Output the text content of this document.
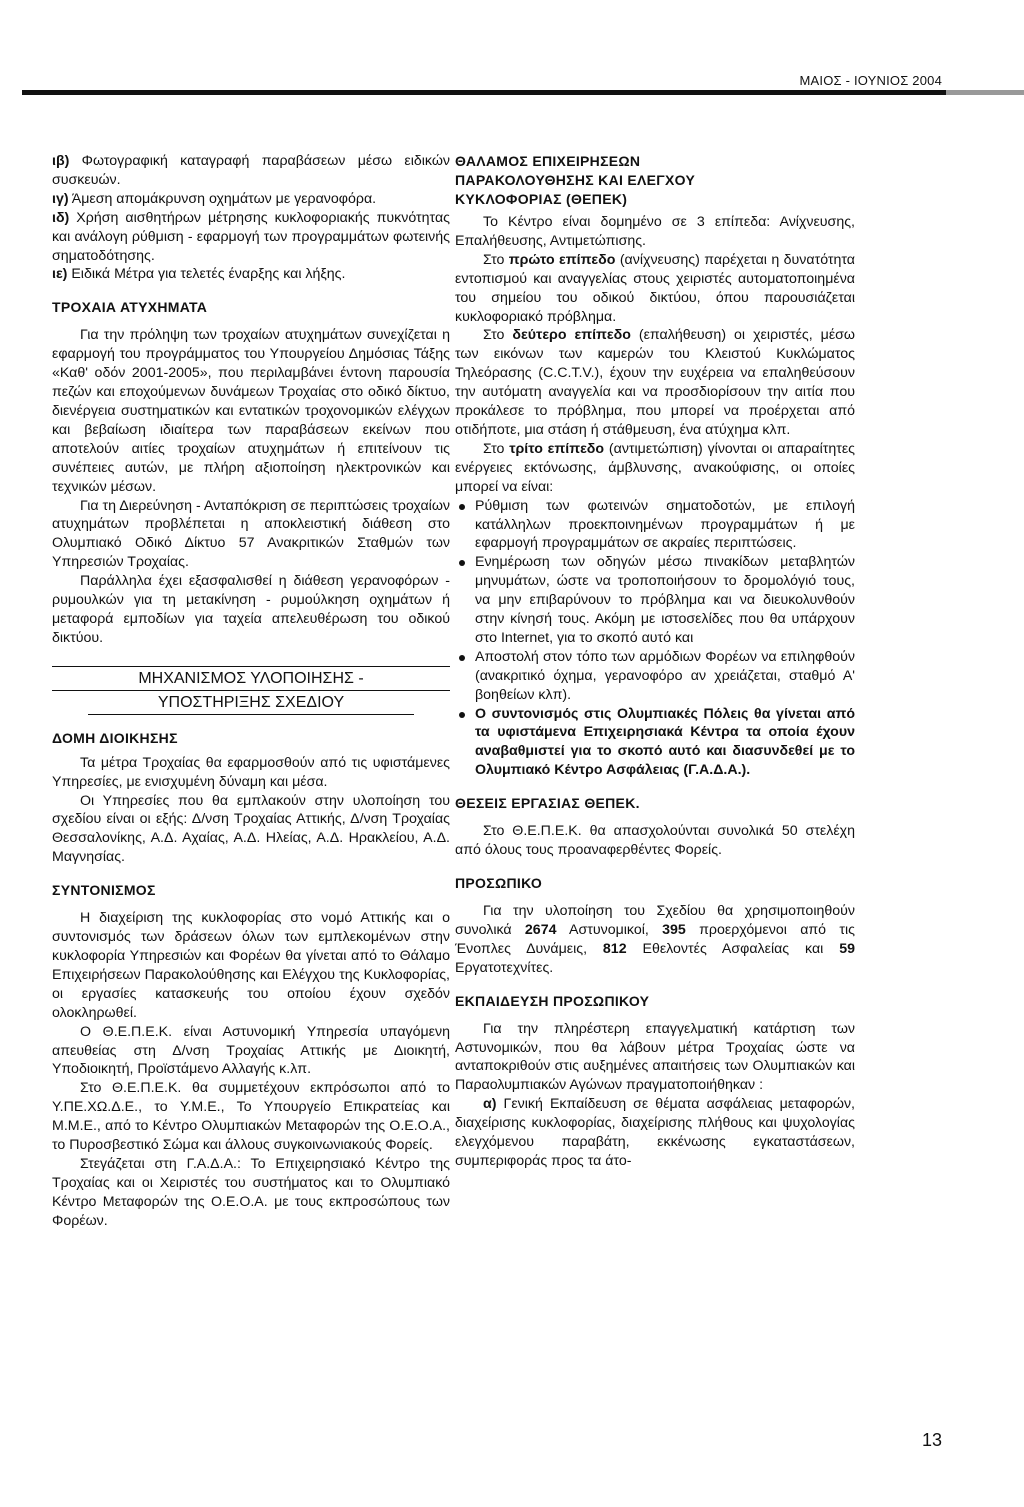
ΜΑΙΟΣ - ΙΟΥΝΙΟΣ 2004

ιβ) Φωτογραφική καταγραφή παραβάσεων μέσω ειδικών συσκευών.

ιγ) Άμεση απομάκρυνση οχημάτων με γερανοφόρα.

ιδ) Χρήση αισθητήρων μέτρησης κυκλοφοριακής πυκνότητας και ανάλογη ρύθμιση - εφαρμογή των προγραμμάτων φωτεινής σηματοδότησης.

ιε) Ειδικά Μέτρα για τελετές έναρξης και λήξης.

ΤΡΟΧΑΙΑ ΑΤΥΧΗΜΑΤΑ

Για την πρόληψη των τροχαίων ατυχημάτων συνεχίζεται η εφαρμογή του προγράμματος του Υπουργείου Δημόσιας Τάξης «Καθ' οδόν 2001-2005», που περιλαμβάνει έντονη παρουσία πεζών και εποχούμενων δυνάμεων Τροχαίας στο οδικό δίκτυο, διενέργεια συστηματικών και εντατικών τροχονομικών ελέγχων και βεβαίωση ιδιαίτερα των παραβάσεων εκείνων που αποτελούν αιτίες τροχαίων ατυχημάτων ή επιτείνουν τις συνέπειες αυτών, με πλήρη αξιοποίηση ηλεκτρονικών και τεχνικών μέσων.

Για τη Διερεύνηση - Ανταπόκριση σε περιπτώσεις τροχαίων ατυχημάτων προβλέπεται η αποκλειστική διάθεση στο Ολυμπιακό Οδικό Δίκτυο 57 Ανακριτικών Σταθμών των Υπηρεσιών Τροχαίας.

Παράλληλα έχει εξασφαλισθεί η διάθεση γερανοφόρων - ρυμουλκών για τη μετακίνηση - ρυμούλκηση οχημάτων ή μεταφορά εμποδίων για ταχεία απελευθέρωση του οδικού δικτύου.

ΜΗΧΑΝΙΣΜΟΣ ΥΛΟΠΟΙΗΣΗΣ -
ΥΠΟΣΤΗΡΙΞΗΣ ΣΧΕΔΙΟΥ
ΔΟΜΗ ΔΙΟΙΚΗΣΗΣ

Τα μέτρα Τροχαίας θα εφαρμοσθούν από τις υφιστάμενες Υπηρεσίες, με ενισχυμένη δύναμη και μέσα.

Οι Υπηρεσίες που θα εμπλακούν στην υλοποίηση του σχεδίου είναι οι εξής: Δ/νση Τροχαίας Αττικής, Δ/νση Τροχαίας Θεσσαλονίκης, Α.Δ. Αχαίας, Α.Δ. Ηλείας, Α.Δ. Ηρακλείου, Α.Δ. Μαγνησίας.

ΣΥΝΤΟΝΙΣΜΟΣ

Η διαχείριση της κυκλοφορίας στο νομό Αττικής και ο συντονισμός των δράσεων όλων των εμπλεκομένων στην κυκλοφορία Υπηρεσιών και Φορέων θα γίνεται από το Θάλαμο Επιχειρήσεων Παρακολούθησης και Ελέγχου της Κυκλοφορίας, οι εργασίες κατασκευής του οποίου έχουν σχεδόν ολοκληρωθεί.

Ο Θ.Ε.Π.Ε.Κ. είναι Αστυνομική Υπηρεσία υπαγόμενη απευθείας στη Δ/νση Τροχαίας Αττικής με Διοικητή, Υποδιοικητή, Προϊστάμενο Αλλαγής κ.λπ.

Στο Θ.Ε.Π.Ε.Κ. θα συμμετέχουν εκπρόσωποι από το Υ.ΠΕ.ΧΩ.Δ.Ε., το Υ.Μ.Ε., Το Υπουργείο Επικρατείας και Μ.Μ.Ε., από το Κέντρο Ολυμπιακών Μεταφορών της Ο.Ε.Ο.Α., το Πυροσβεστικό Σώμα και άλλους συγκοινωνιακούς Φορείς.

Στεγάζεται στη Γ.Α.Δ.Α.: Το Επιχειρησιακό Κέντρο της Τροχαίας και οι Χειριστές του συστήματος και το Ολυμπιακό Κέντρο Μεταφορών της Ο.Ε.Ο.Α. με τους εκπροσώπους των Φορέων.

ΘΑΛΑΜΟΣ ΕΠΙΧΕΙΡΗΣΕΩΝ
ΠΑΡΑΚΟΛΟΥΘΗΣΗΣ ΚΑΙ ΕΛΕΓΧΟΥ
ΚΥΚΛΟΦΟΡΙΑΣ (ΘΕΠΕΚ)

Το Κέντρο είναι δομημένο σε 3 επίπεδα: Ανίχνευσης, Επαλήθευσης, Αντιμετώπισης.

Στο πρώτο επίπεδο (ανίχνευσης) παρέχεται η δυνατότητα εντοπισμού και αναγγελίας στους χειριστές αυτοματοποιημένα του σημείου του οδικού δικτύου, όπου παρουσιάζεται κυκλοφοριακό πρόβλημα.

Στο δεύτερο επίπεδο (επαλήθευση) οι χειριστές, μέσω των εικόνων των καμερών του Κλειστού Κυκλώματος Τηλεόρασης (C.C.T.V.), έχουν την ευχέρεια να επαληθεύσουν την αυτόματη αναγγελία και να προσδιορίσουν την αιτία που προκάλεσε το πρόβλημα, που μπορεί να προέρχεται από οτιδήποτε, μια στάση ή στάθμευση, ένα ατύχημα κλπ.

Στο τρίτο επίπεδο (αντιμετώπιση) γίνονται οι απαραίτητες ενέργειες εκτόνωσης, άμβλυνσης, ανακούφισης, οι οποίες μπορεί να είναι:

Ρύθμιση των φωτεινών σηματοδοτών, με επιλογή κατάλληλων προεκποινημένων προγραμμάτων ή με εφαρμογή προγραμμάτων σε ακραίες περιπτώσεις.

Ενημέρωση των οδηγών μέσω πινακίδων μεταβλητών μηνυμάτων, ώστε να τροποποιήσουν το δρομολόγιό τους, να μην επιβαρύνουν το πρόβλημα και να διευκολυνθούν στην κίνησή τους. Ακόμη με ιστοσελίδες που θα υπάρχουν στο Internet, για το σκοπό αυτό και

Αποστολή στον τόπο των αρμόδιων Φορέων να επιληφθούν (ανακριτικό όχημα, γερανοφόρο αν χρειάζεται, σταθμό Α' βοηθείων κλπ).

Ο συντονισμός στις Ολυμπιακές Πόλεις θα γίνεται από τα υφιστάμενα Επιχειρησιακά Κέντρα τα οποία έχουν αναβαθμιστεί για το σκοπό αυτό και διασυνδεθεί με το Ολυμπιακό Κέντρο Ασφάλειας (Γ.Α.Δ.Α.).

ΘΕΣΕΙΣ ΕΡΓΑΣΙΑΣ ΘΕΠΕΚ.

Στο Θ.Ε.Π.Ε.Κ. θα απασχολούνται συνολικά 50 στελέχη από όλους τους προαναφερθέντες Φορείς.

ΠΡΟΣΩΠΙΚΟ

Για την υλοποίηση του Σχεδίου θα χρησιμοποιηθούν συνολικά 2674 Αστυνομικοί, 395 προερχόμενοι από τις Ένοπλες Δυνάμεις, 812 Εθελοντές Ασφαλείας και 59 Εργατοτεχνίτες.

ΕΚΠΑΙΔΕΥΣΗ ΠΡΟΣΩΠΙΚΟΥ

Για την πληρέστερη επαγγελματική κατάρτιση των Αστυνομικών, που θα λάβουν μέτρα Τροχαίας ώστε να ανταποκριθούν στις αυξημένες απαιτήσεις των Ολυμπιακών και Παραολυμπιακών Αγώνων πραγματοποιήθηκαν :

α) Γενική Εκπαίδευση σε θέματα ασφάλειας μεταφορών, διαχείρισης κυκλοφορίας, διαχείρισης πλήθους και ψυχολογίας ελεγχόμενου παραβάτη, εκκένωσης εγκαταστάσεων, συμπεριφοράς προς τα άτο-

13
